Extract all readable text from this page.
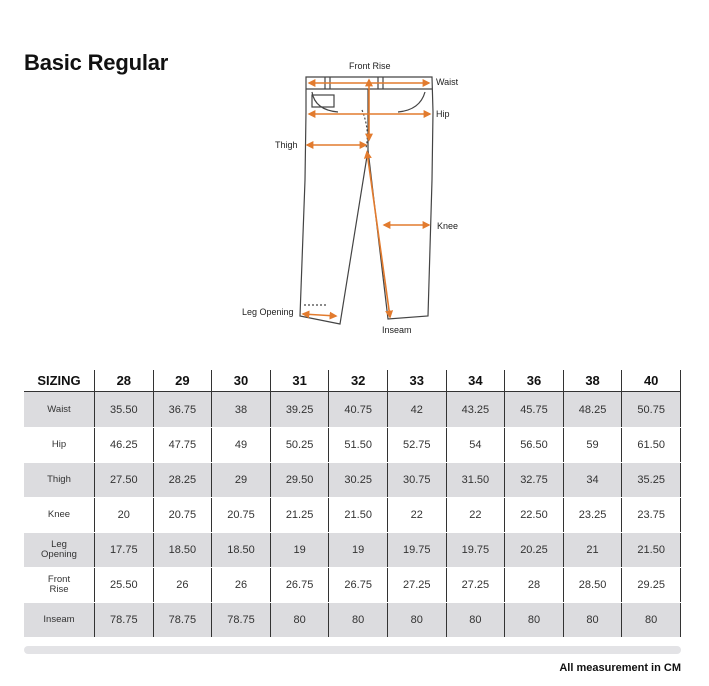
Basic Regular	Front Rise
Waist
Hip
Thigh
Knee
Leg Opening
Inseam
SIZING	28	29	30	31	32	33	34	36	38	40
Waist	35.50	36.75	38	39.25	40.75	42	43.25	45.75	48.25	50.75
Hip	46.25	47.75	49	50.25	51.50	52.75	54	56.50	59	61.50
Thigh	27.50	28.25	29	29.50	30.25	30.75	31.50	32.75	34	35.25
Knee	20	20.75	20.75	21.25	21.50	22	22	22.50	23.25	23.75
Leg
Opening	17.75	18.50	18.50	19	19	19.75	19.75	20.25	21	21.50
Front
Rise	25.50	26	26	26.75	26.75	27.25	27.25	28	28.50	29.25
Inseam	78.75	78.75	78.75	80	80	80	80	80	80	80
All measurement in CM
